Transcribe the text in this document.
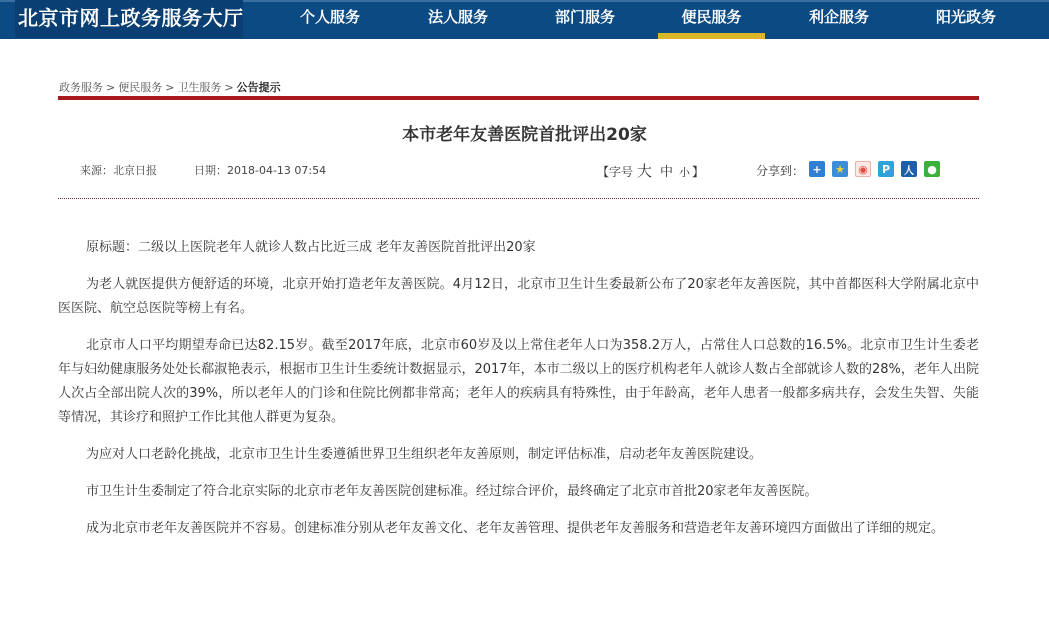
北京市网上政务服务大厅	个人服务	法人服务	部门服务	便民服务	利企服务	阳光政务
政务服务 > 便民服务 > 卫生服务 > 公告提示
本市老年友善医院首批评出20家
来源：北京日报	日期：2018-04-13 07:54	【字号 大 中 小 】	分享到： +	★ ◉	P	人 ●

原标题：二级以上医院老年人就诊人数占比近三成 老年友善医院首批评出20家

为老人就医提供方便舒适的环境，北京开始打造老年友善医院。4月12日，北京市卫生计生委最新公布了20家老年友善医院，其中首都医科大学附属北京中医医院、航空总医院等榜上有名。

北京市人口平均期望寿命已达82.15岁。截至2017年底，北京市60岁及以上常住老年人口为358.2万人，占常住人口总数的16.5%。北京市卫生计生委老年与妇幼健康服务处处长郗淑艳表示，根据市卫生计生委统计数据显示，2017年，本市二级以上的医疗机构老年人就诊人数占全部就诊人数的28%，老年人出院人次占全部出院人次的39%，所以老年人的门诊和住院比例都非常高；老年人的疾病具有特殊性，由于年龄高，老年人患者一般都多病共存，会发生失智、失能等情况，其诊疗和照护工作比其他人群更为复杂。

为应对人口老龄化挑战，北京市卫生计生委遵循世界卫生组织老年友善原则，制定评估标准，启动老年友善医院建设。

市卫生计生委制定了符合北京实际的北京市老年友善医院创建标准。经过综合评价，最终确定了北京市首批20家老年友善医院。

成为北京市老年友善医院并不容易。创建标准分别从老年友善文化、老年友善管理、提供老年友善服务和营造老年友善环境四方面做出了详细的规定。
